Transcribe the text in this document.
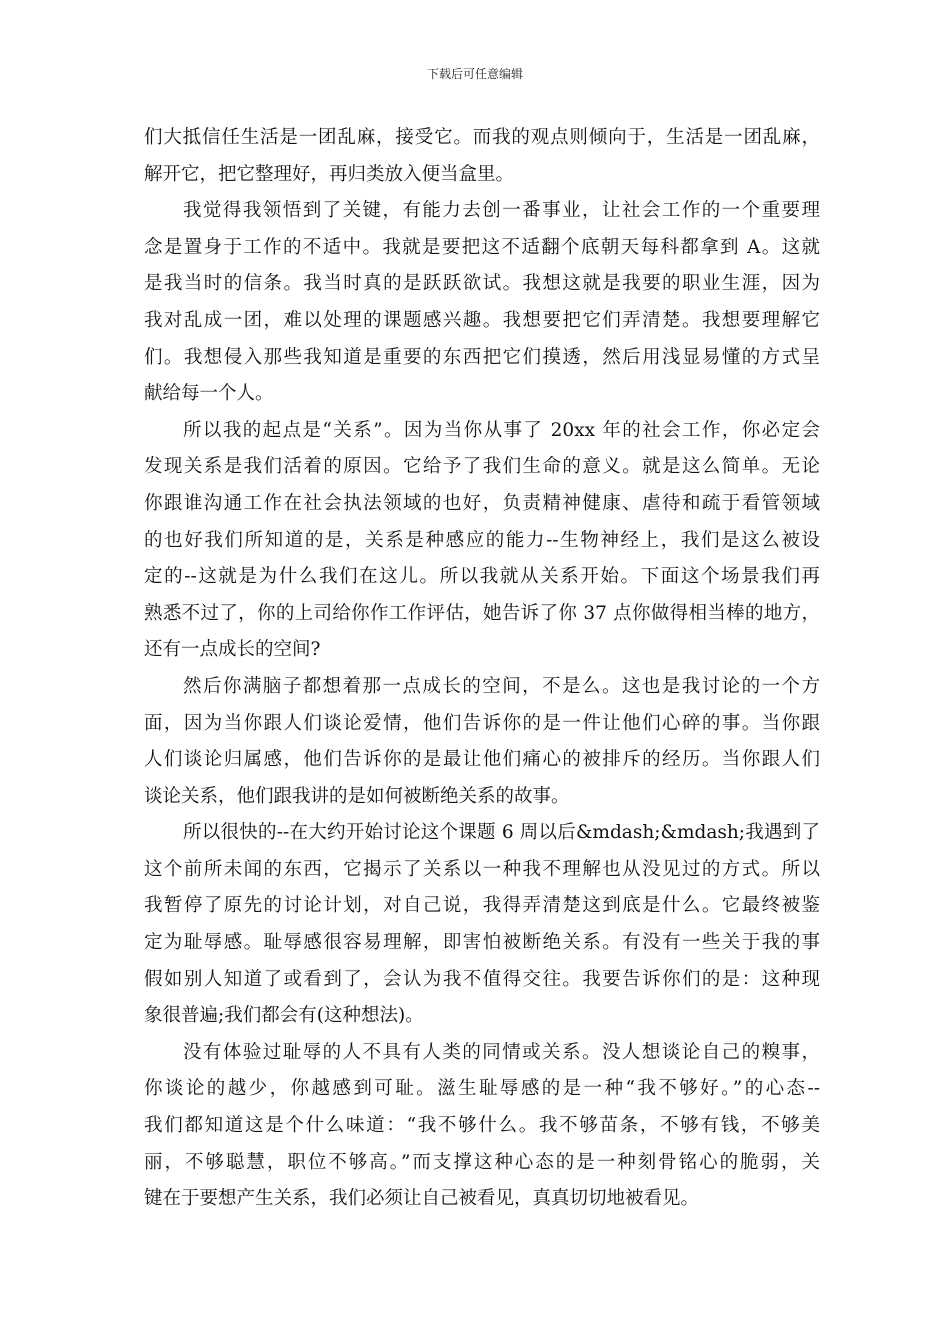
下载后可任意编辑
们大抵信任生活是一团乱麻，接受它。而我的观点则倾向于，生活是一团乱麻，
解开它，把它整理好，再归类放入便当盒里。
我觉得我领悟到了关键，有能力去创一番事业，让社会工作的一个重要理
念是置身于工作的不适中。我就是要把这不适翻个底朝天每科都拿到 A。这就
是我当时的信条。我当时真的是跃跃欲试。我想这就是我要的职业生涯，因为
我对乱成一团，难以处理的课题感兴趣。我想要把它们弄清楚。我想要理解它
们。我想侵入那些我知道是重要的东西把它们摸透，然后用浅显易懂的方式呈
献给每一个人。
所以我的起点是“关系”。因为当你从事了 20xx 年的社会工作，你必定会
发现关系是我们活着的原因。它给予了我们生命的意义。就是这么简单。无论
你跟谁沟通工作在社会执法领域的也好，负责精神健康、虐待和疏于看管领域
的也好我们所知道的是，关系是种感应的能力--生物神经上，我们是这么被设
定的--这就是为什么我们在这儿。所以我就从关系开始。下面这个场景我们再
熟悉不过了，你的上司给你作工作评估，她告诉了你 37 点你做得相当棒的地方，
还有一点成长的空间?
然后你满脑子都想着那一点成长的空间，不是么。这也是我讨论的一个方
面，因为当你跟人们谈论爱情，他们告诉你的是一件让他们心碎的事。当你跟
人们谈论归属感，他们告诉你的是最让他们痛心的被排斥的经历。当你跟人们
谈论关系，他们跟我讲的是如何被断绝关系的故事。
所以很快的--在大约开始讨论这个课题 6 周以后&mdash;&mdash;我遇到了
这个前所未闻的东西，它揭示了关系以一种我不理解也从没见过的方式。所以
我暂停了原先的讨论计划，对自己说，我得弄清楚这到底是什么。它最终被鉴
定为耻辱感。耻辱感很容易理解，即害怕被断绝关系。有没有一些关于我的事
假如别人知道了或看到了，会认为我不值得交往。我要告诉你们的是：这种现
象很普遍;我们都会有(这种想法)。
没有体验过耻辱的人不具有人类的同情或关系。没人想谈论自己的糗事，
你谈论的越少，你越感到可耻。滋生耻辱感的是一种“我不够好。”的心态--
我们都知道这是个什么味道：“我不够什么。我不够苗条，不够有钱，不够美
丽，不够聪慧，职位不够高。”而支撑这种心态的是一种刻骨铭心的脆弱，关
键在于要想产生关系，我们必须让自己被看见，真真切切地被看见。
